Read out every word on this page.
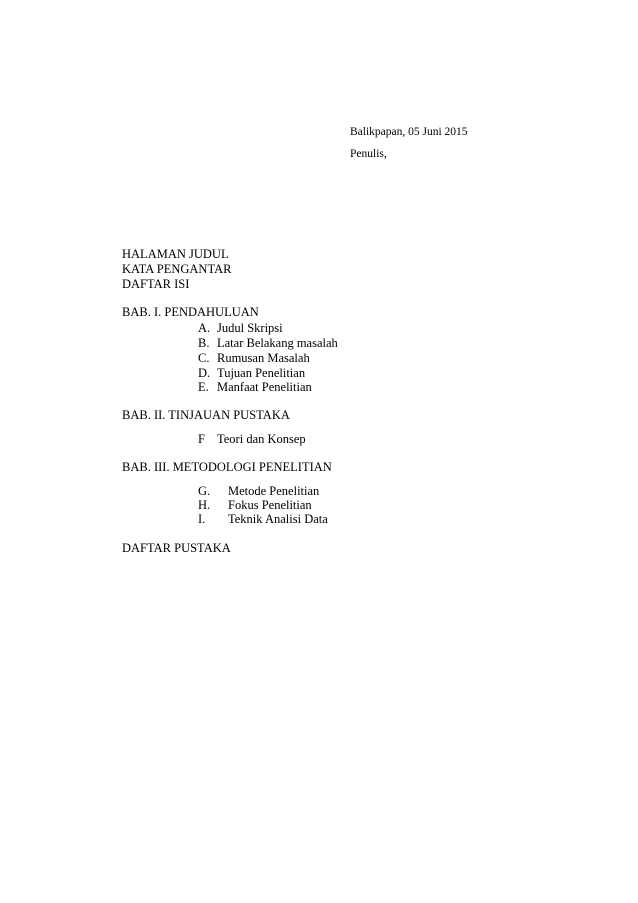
Balikpapan, 05 Juni 2015
Penulis,
HALAMAN JUDUL
KATA PENGANTAR
DAFTAR ISI
BAB. I. PENDAHULUAN
A. Judul Skripsi
B. Latar Belakang masalah
C. Rumusan Masalah
D. Tujuan Penelitian
E. Manfaat Penelitian
BAB. II. TINJAUAN PUSTAKA
F Teori dan Konsep
BAB. III. METODOLOGI PENELITIAN
G. Metode Penelitian
H. Fokus Penelitian
I. Teknik Analisi Data
DAFTAR PUSTAKA
